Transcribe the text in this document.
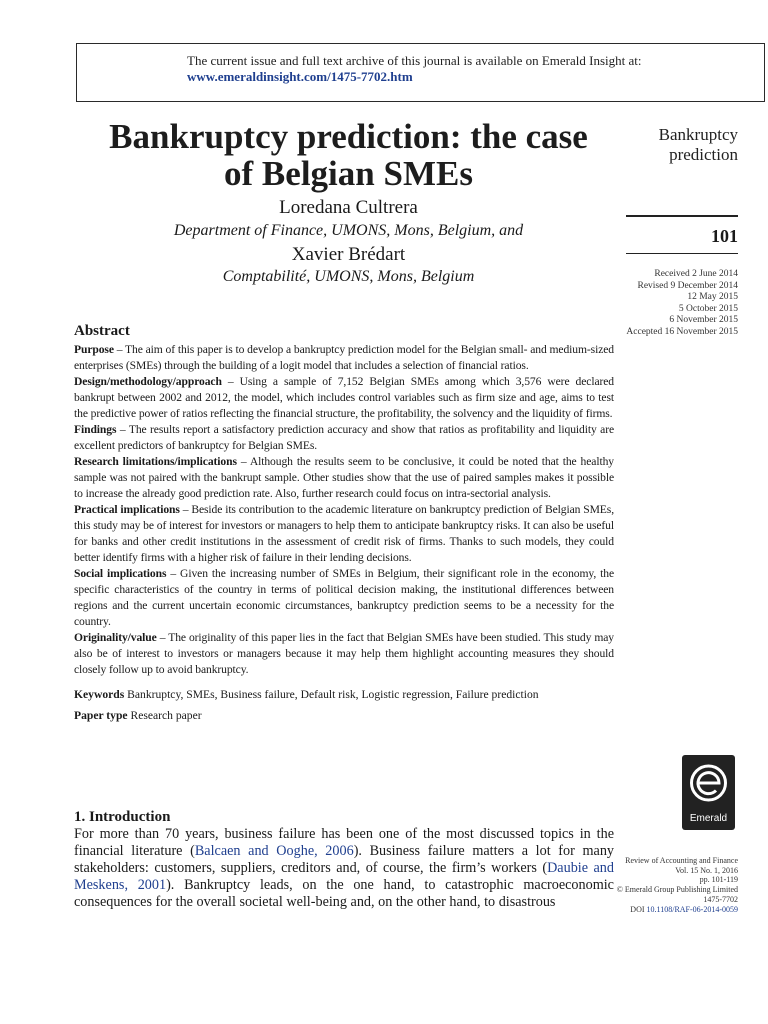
The current issue and full text archive of this journal is available on Emerald Insight at:
www.emeraldinsight.com/1475-7702.htm
Bankruptcy prediction: the case
of Belgian SMEs
Loredana Cultrera
Department of Finance, UMONS, Mons, Belgium, and
Xavier Brédart
Comptabilité, UMONS, Mons, Belgium
Bankruptcy
prediction
101
Received 2 June 2014
Revised 9 December 2014
12 May 2015
5 October 2015
6 November 2015
Accepted 16 November 2015
Abstract

Purpose – The aim of this paper is to develop a bankruptcy prediction model for the Belgian small- and medium-sized enterprises (SMEs) through the building of a logit model that includes a selection of financial ratios.

Design/methodology/approach – Using a sample of 7,152 Belgian SMEs among which 3,576 were declared bankrupt between 2002 and 2012, the model, which includes control variables such as firm size and age, aims to test the predictive power of ratios reflecting the financial structure, the profitability, the solvency and the liquidity of firms.

Findings – The results report a satisfactory prediction accuracy and show that ratios as profitability and liquidity are excellent predictors of bankruptcy for Belgian SMEs.

Research limitations/implications – Although the results seem to be conclusive, it could be noted that the healthy sample was not paired with the bankrupt sample. Other studies show that the use of paired samples makes it possible to increase the already good prediction rate. Also, further research could focus on intra-sectorial analysis.

Practical implications – Beside its contribution to the academic literature on bankruptcy prediction of Belgian SMEs, this study may be of interest for investors or managers to help them to anticipate bankruptcy risks. It can also be useful for banks and other credit institutions in the assessment of credit risk of firms. Thanks to such models, they could better identify firms with a higher risk of failure in their lending decisions.

Social implications – Given the increasing number of SMEs in Belgium, their significant role in the economy, the specific characteristics of the country in terms of political decision making, the institutional differences between regions and the current uncertain economic circumstances, bankruptcy prediction seems to be a necessity for the country.

Originality/value – The originality of this paper lies in the fact that Belgian SMEs have been studied. This study may also be of interest to investors or managers because it may help them highlight accounting measures they should closely follow up to avoid bankruptcy.

Keywords Bankruptcy, SMEs, Business failure, Default risk, Logistic regression, Failure prediction
Paper type Research paper
1. Introduction
For more than 70 years, business failure has been one of the most discussed topics in the financial literature (Balcaen and Ooghe, 2006). Business failure matters a lot for many stakeholders: customers, suppliers, creditors and, of course, the firm’s workers (Daubie and Meskens, 2001). Bankruptcy leads, on the one hand, to catastrophic macroeconomic consequences for the overall societal well-being and, on the other hand, to disastrous
Emerald
Review of Accounting and Finance
Vol. 15 No. 1, 2016
pp. 101-119
© Emerald Group Publishing Limited
1475-7702
DOI 10.1108/RAF-06-2014-0059
